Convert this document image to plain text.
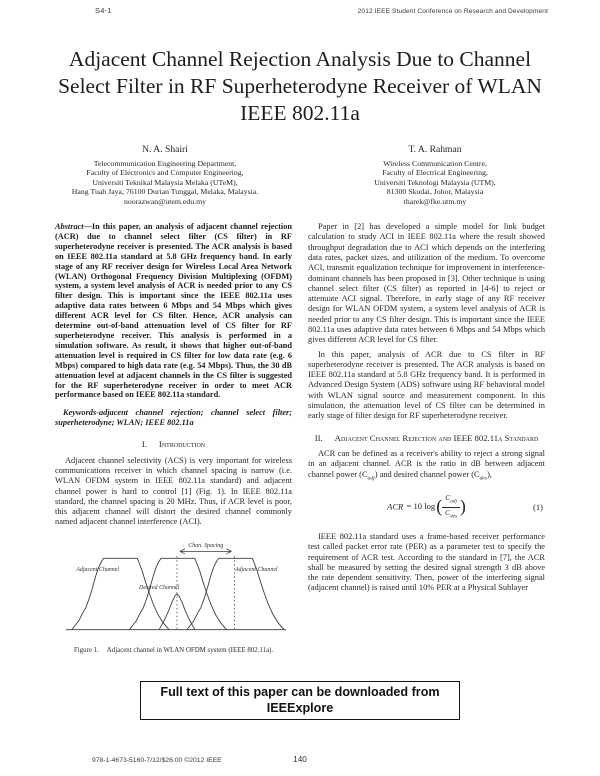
S4-1	2012 IEEE Student Conference on Research and Development
Adjacent Channel Rejection Analysis Due to Channel Select Filter in RF Superheterodyne Receiver of WLAN IEEE 802.11a
N. A. Shairi
Telecommunication Engineering Department,
Faculty of Electronics and Computer Engineering,
Universiti Teknikal Malaysia Melaka (UTeM),
Hang Tuah Jaya, 76100 Durian Tunggal, Melaka, Malaysia.
noorazwan@utem.edu.my
T. A. Rahman
Wireless Communication Centre,
Faculty of Electrical Engineering,
Universiti Teknologi Malaysia (UTM),
81300 Skudai, Johor, Malaysia
tharek@fke.utm.my

Abstract—In this paper, an analysis of adjacent channel rejection (ACR) due to channel select filter (CS filter) in RF superheterodyne receiver is presented. The ACR analysis is based on IEEE 802.11a standard at 5.8 GHz frequency band. In early stage of any RF receiver design for Wireless Local Area Network (WLAN) Orthogonal Frequency Division Multiplexing (OFDM) system, a system level analysis of ACR is needed prior to any CS filter design. This is important since the IEEE 802.11a uses adaptive data rates between 6 Mbps and 54 Mbps which gives different ACR level for CS filter. Hence, ACR analysis can determine out-of-band attenuation level of CS filter for RF superheterodyne receiver. This analysis is performed in a simulation software. As result, it shows that higher out-of-band attenuation level is required in CS filter for low data rate (e.g. 6 Mbps) compared to high data rate (e.g. 54 Mbps). Thus, the 30 dB attenuation level at adjacent channels in the CS filter is suggested for the RF superheterodyne receiver in order to meet ACR performance based on IEEE 802.11a standard.

Keywords-adjacent channel rejection; channel select filter; superheterodyne; WLAN; IEEE 802.11a

I. Introduction

Adjacent channel selectivity (ACS) is very important for wireless communications receiver in which channel spacing is narrow (i.e. WLAN OFDM system in IEEE 802.11a standard) and adjacent channel power is hard to control [1] (Fig. 1). In IEEE 802.11a standard, the channel spacing is 20 MHz. Thus, if ACR level is poor, this adjacent channel will distort the desired channel commonly named adjacent channel interference (ACI).

Chan. Spacing
Adjacent Channel	Adjacent Channel
Desired Channel
Figure 1. Adjacent channel in WLAN OFDM system (IEEE 802.11a).

Paper in [2] has developed a simple model for link budget calculation to study ACI in IEEE 802.11a where the result showed throughput degradation due to ACI which depends on the interfering data rates, packet sizes, and utilization of the medium. To overcome ACI, transmit equalization technique for improvement in interference-dominant channels has been proposed in [3]. Other technique is using channel select filter (CS filter) as reported in [4-6] to reject or attenuate ACI signal. Therefore, in early stage of any RF receiver design for WLAN OFDM system, a system level analysis of ACR is needed prior to any CS filter design. This is important since the IEEE 802.11a uses adaptive data rates between 6 Mbps and 54 Mbps which gives different ACR level for CS filter.

In this paper, analysis of ACR due to CS filter in RF superheterodyne receiver is presented. The ACR analysis is based on IEEE 802.11a standard at 5.8 GHz frequency band. It is performed in Advanced Design System (ADS) software using RF behavioral model with WLAN signal source and measurement component. In this simulation, the attenuation level of CS filter can be determined in early stage of filter design for RF superheterodyne receiver.

II. Adjacent Channel Rejection and IEEE 802.11a Standard

ACR can be defined as a receiver's ability to reject a strong signal in an adjacent channel. ACR is the ratio in dB between adjacent channel power $(C_{adj})$ and desired channel power $(C_{des})$,

ACR = 10 $\log( \frac{C_{adj}}{C_{des}}$ )	(1)

IEEE 802.11a standard uses a frame-based receiver performance test called packet error rate (PER) as a parameter test to specify the requirement of ACR test. According to the standard in [7], the ACR shall be measured by setting the desired signal strength 3 dB above the rate dependent sensitivity. Then, power of the interfering signal (adjacent channel) is raised until 10% PER at a Physical Sublayer

Full text of this paper can be downloaded from
IEEExplore
140
978-1-4673-5160-7/12/$26.00 ©2012 IEEE
